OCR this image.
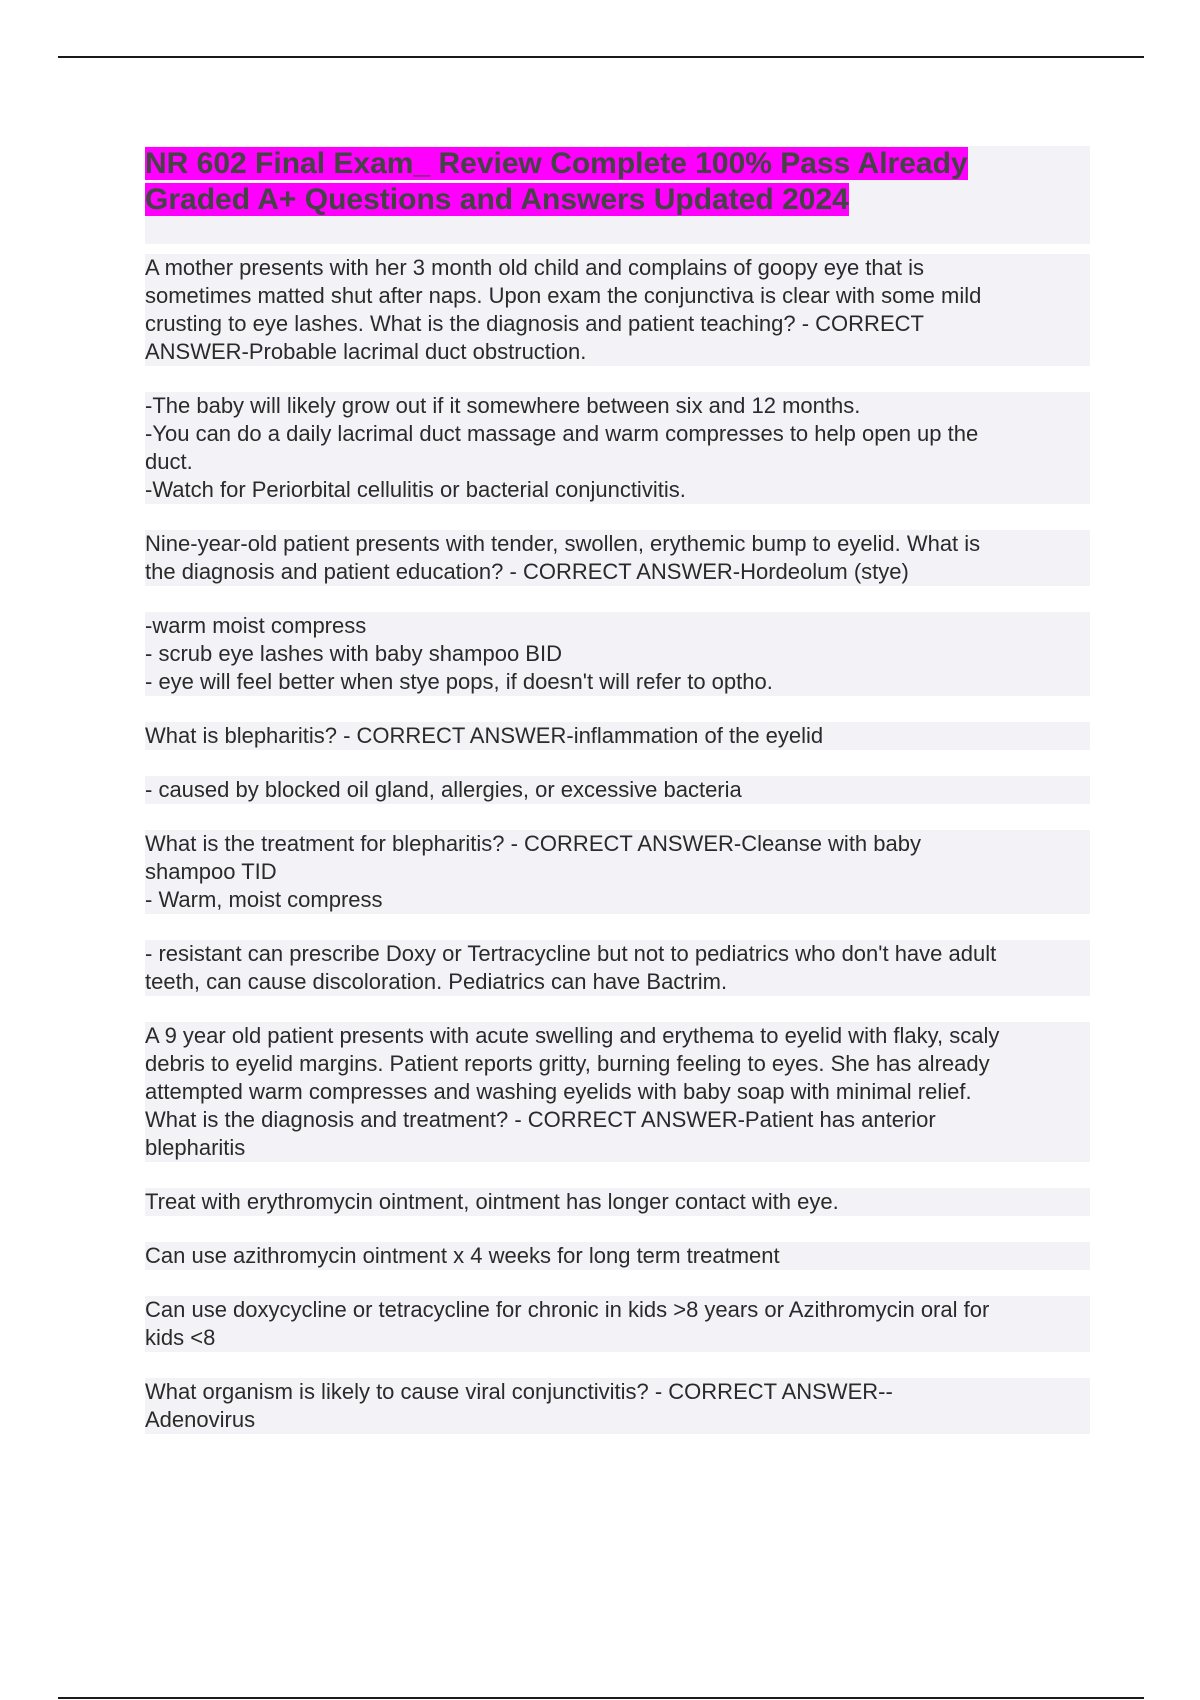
NR 602 Final Exam_ Review Complete 100% Pass Already
Graded A+ Questions and Answers Updated 2024
A mother presents with her 3 month old child and complains of goopy eye that is
sometimes matted shut after naps. Upon exam the conjunctiva is clear with some mild
crusting to eye lashes. What is the diagnosis and patient teaching? - CORRECT
ANSWER-Probable lacrimal duct obstruction.
-The baby will likely grow out if it somewhere between six and 12 months.
-You can do a daily lacrimal duct massage and warm compresses to help open up the
duct.
-Watch for Periorbital cellulitis or bacterial conjunctivitis.
Nine-year-old patient presents with tender, swollen, erythemic bump to eyelid. What is
the diagnosis and patient education? - CORRECT ANSWER-Hordeolum (stye)
-warm moist compress
- scrub eye lashes with baby shampoo BID
- eye will feel better when stye pops, if doesn't will refer to optho.
What is blepharitis? - CORRECT ANSWER-inflammation of the eyelid
- caused by blocked oil gland, allergies, or excessive bacteria
What is the treatment for blepharitis? - CORRECT ANSWER-Cleanse with baby
shampoo TID
- Warm, moist compress
- resistant can prescribe Doxy or Tertracycline but not to pediatrics who don't have adult
teeth, can cause discoloration. Pediatrics can have Bactrim.
A 9 year old patient presents with acute swelling and erythema to eyelid with flaky, scaly
debris to eyelid margins. Patient reports gritty, burning feeling to eyes. She has already
attempted warm compresses and washing eyelids with baby soap with minimal relief.
What is the diagnosis and treatment? - CORRECT ANSWER-Patient has anterior
blepharitis
Treat with erythromycin ointment, ointment has longer contact with eye.
Can use azithromycin ointment x 4 weeks for long term treatment
Can use doxycycline or tetracycline for chronic in kids >8 years or Azithromycin oral for
kids <8
What organism is likely to cause viral conjunctivitis? - CORRECT ANSWER--
Adenovirus
